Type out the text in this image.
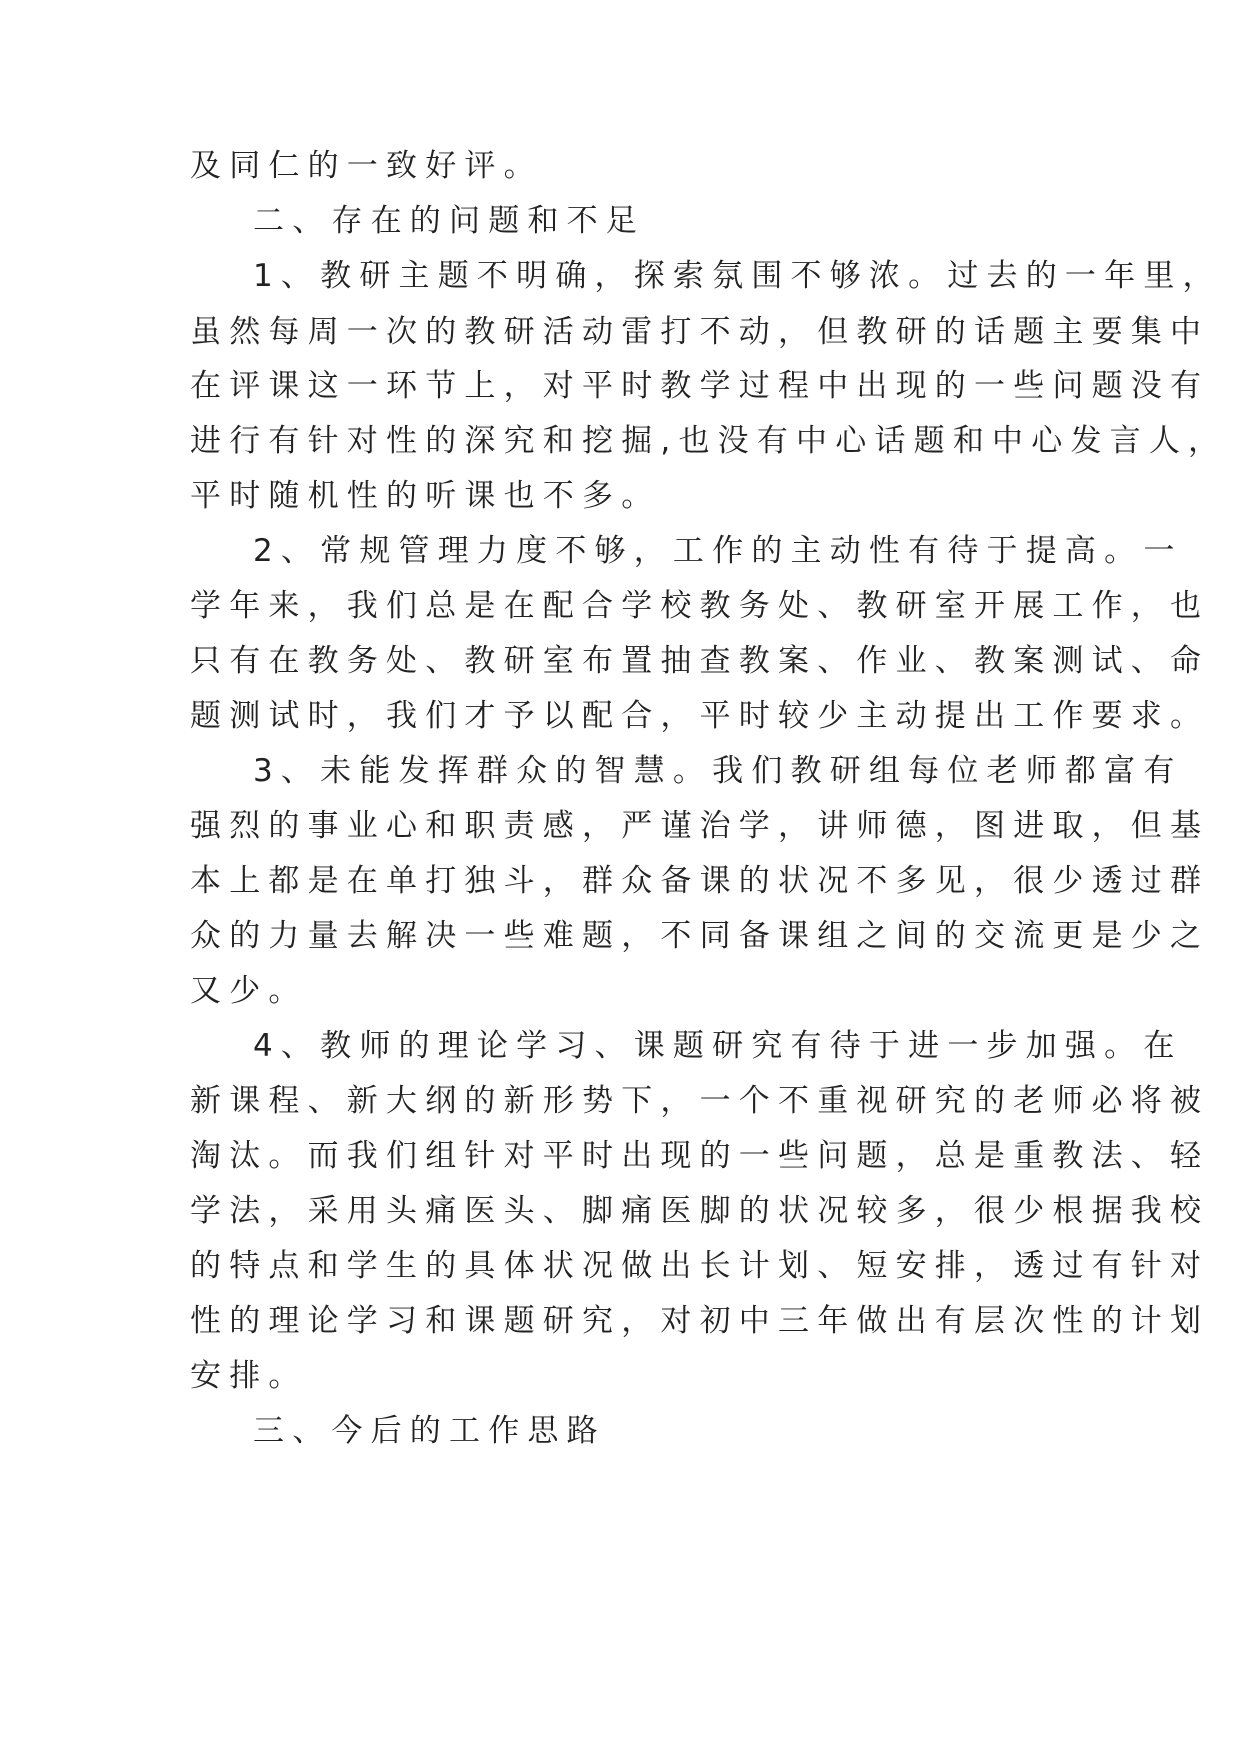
及同仁的一致好评。
二、存在的问题和不足
1、教研主题不明确，探索氛围不够浓。过去的一年里，
虽然每周一次的教研活动雷打不动，但教研的话题主要集中
在评课这一环节上，对平时教学过程中出现的一些问题没有
进行有针对性的深究和挖掘,也没有中心话题和中心发言人，
平时随机性的听课也不多。
2、常规管理力度不够，工作的主动性有待于提高。一
学年来，我们总是在配合学校教务处、教研室开展工作，也
只有在教务处、教研室布置抽查教案、作业、教案测试、命
题测试时，我们才予以配合，平时较少主动提出工作要求。
3、未能发挥群众的智慧。我们教研组每位老师都富有
强烈的事业心和职责感，严谨治学，讲师德，图进取，但基
本上都是在单打独斗，群众备课的状况不多见，很少透过群
众的力量去解决一些难题，不同备课组之间的交流更是少之
又少。
4、教师的理论学习、课题研究有待于进一步加强。在
新课程、新大纲的新形势下，一个不重视研究的老师必将被
淘汰。而我们组针对平时出现的一些问题，总是重教法、轻
学法，采用头痛医头、脚痛医脚的状况较多，很少根据我校
的特点和学生的具体状况做出长计划、短安排，透过有针对
性的理论学习和课题研究，对初中三年做出有层次性的计划
安排。
三、今后的工作思路
